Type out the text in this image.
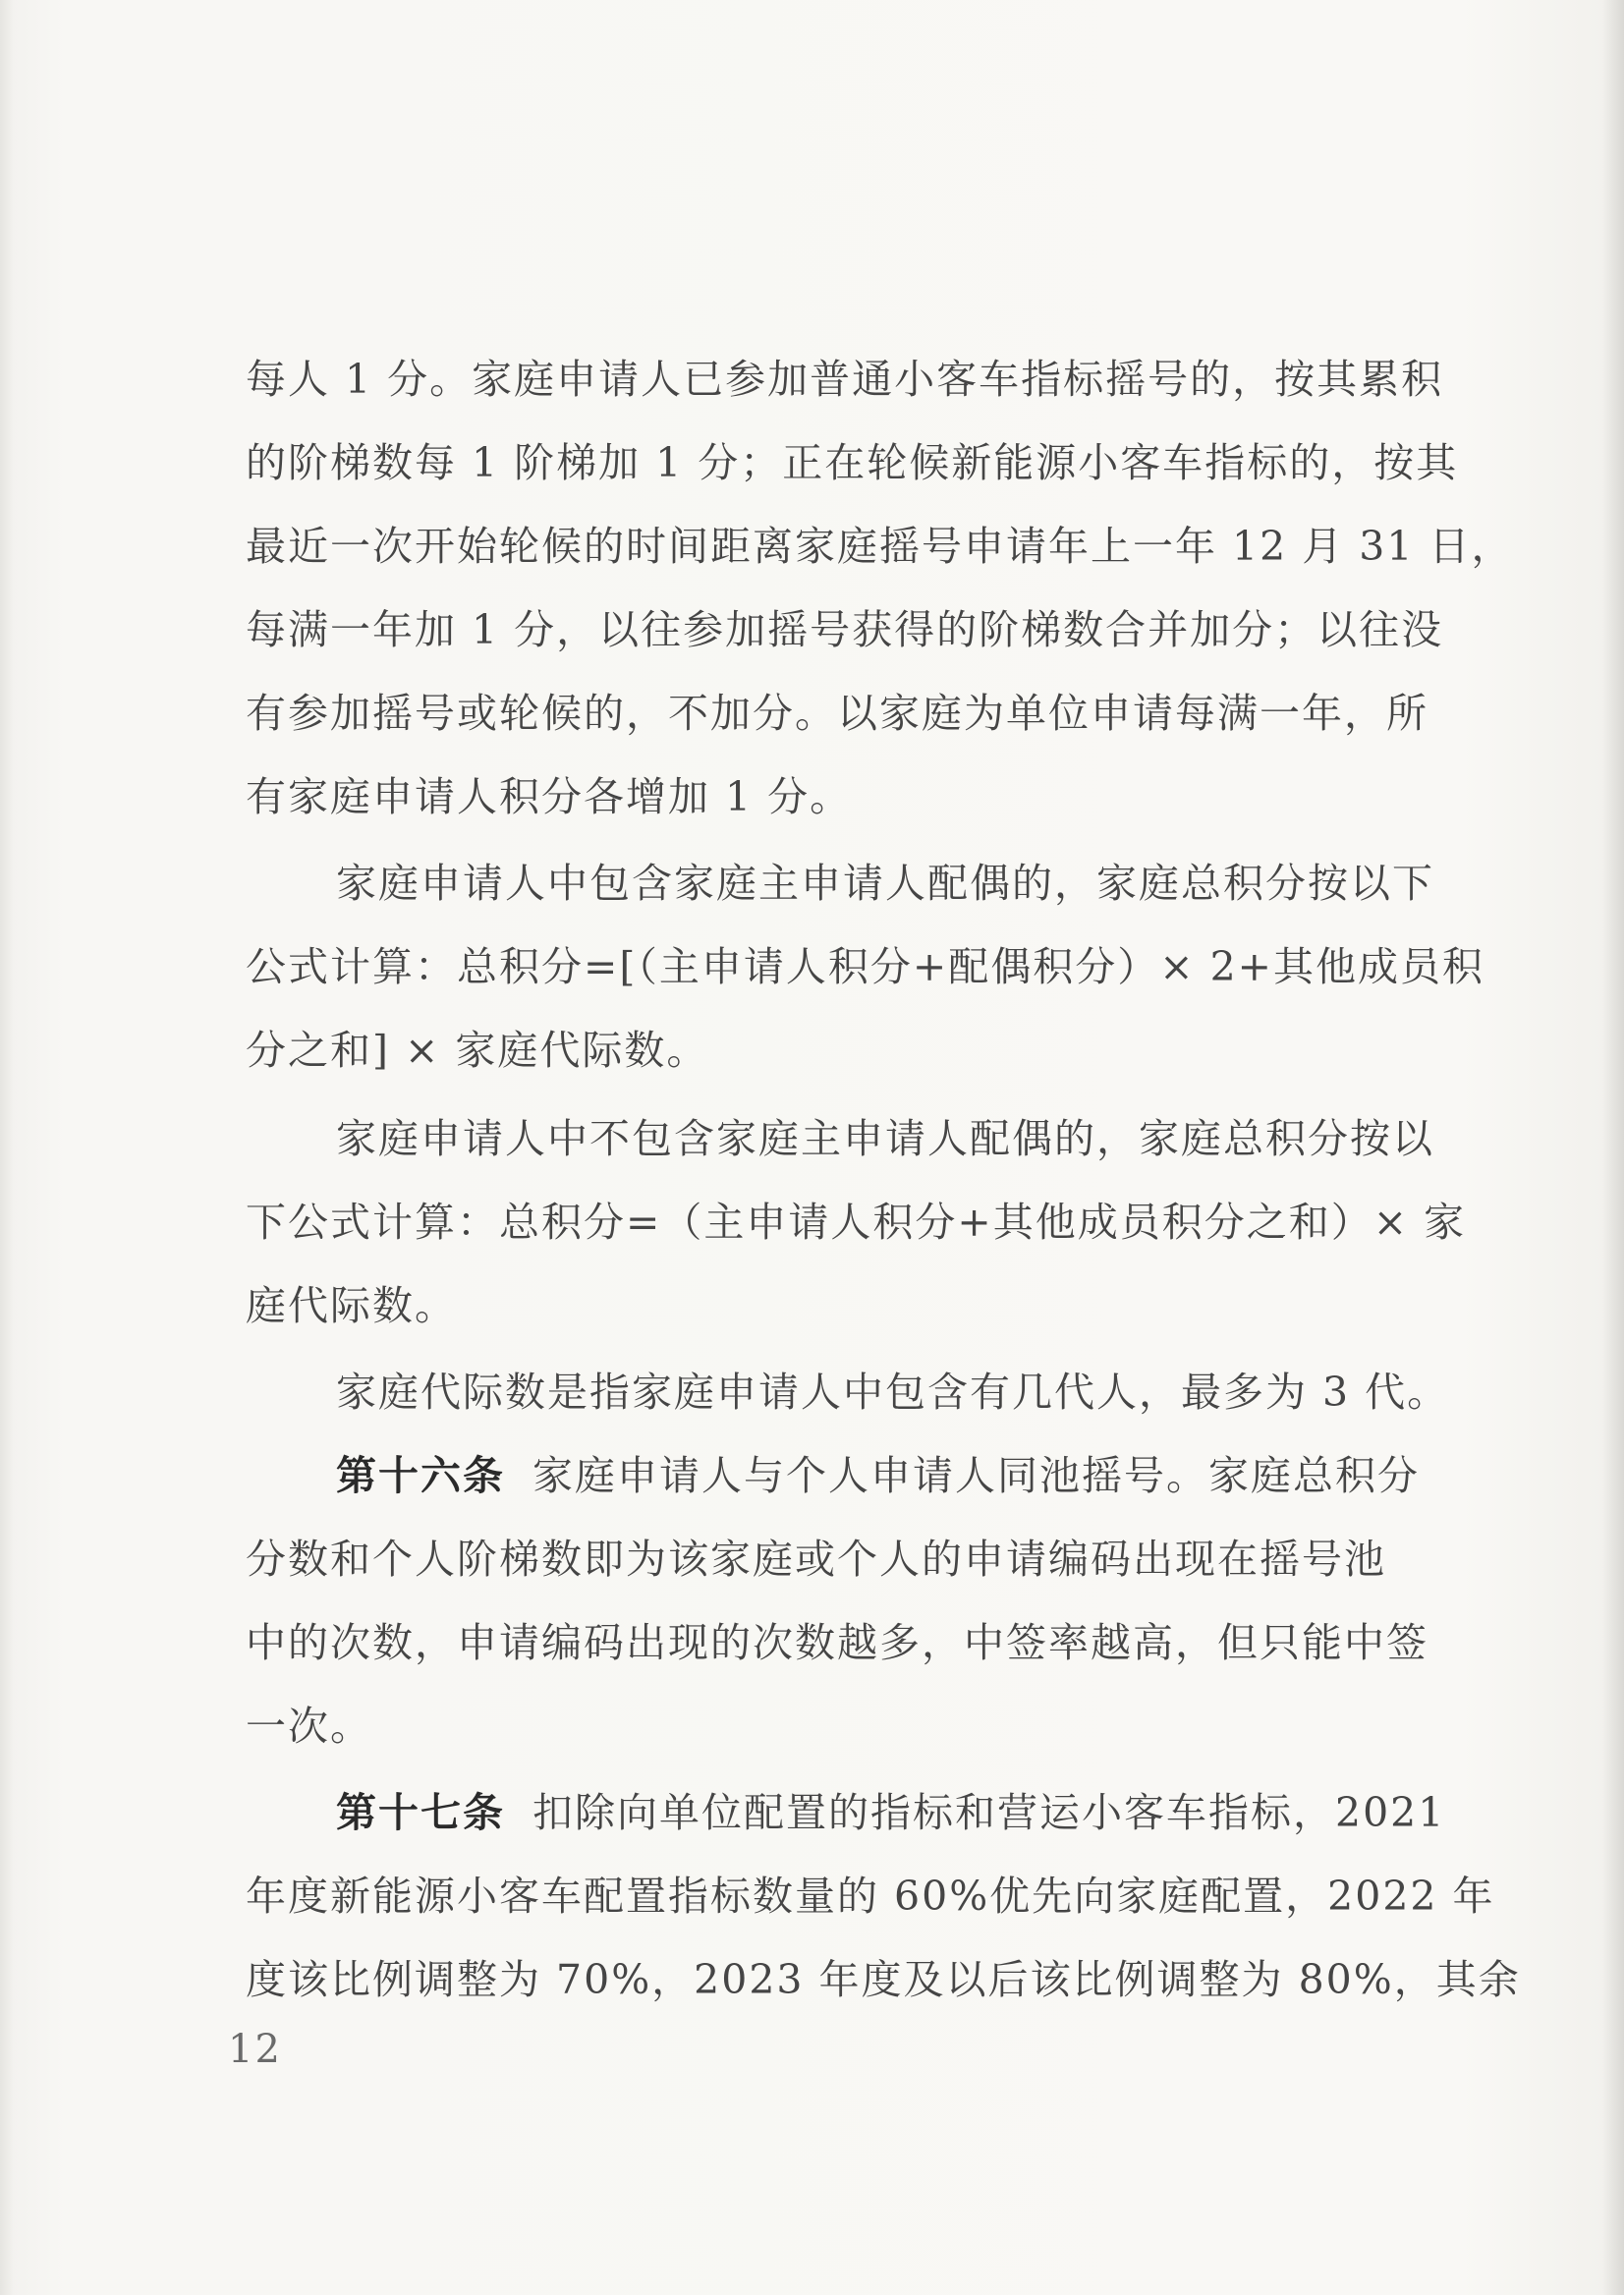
每人 1 分。家庭申请人已参加普通小客车指标摇号的，按其累积
的阶梯数每 1 阶梯加 1 分；正在轮候新能源小客车指标的，按其
最近一次开始轮候的时间距离家庭摇号申请年上一年 12 月 31 日，
每满一年加 1 分，以往参加摇号获得的阶梯数合并加分；以往没
有参加摇号或轮候的，不加分。以家庭为单位申请每满一年，所
有家庭申请人积分各增加 1 分。
家庭申请人中包含家庭主申请人配偶的，家庭总积分按以下
公式计算：总积分=[（主申请人积分+配偶积分）× 2+其他成员积
分之和] × 家庭代际数。
家庭申请人中不包含家庭主申请人配偶的，家庭总积分按以
下公式计算：总积分=（主申请人积分+其他成员积分之和）× 家
庭代际数。
家庭代际数是指家庭申请人中包含有几代人，最多为 3 代。
第十六条 家庭申请人与个人申请人同池摇号。家庭总积分
分数和个人阶梯数即为该家庭或个人的申请编码出现在摇号池
中的次数，申请编码出现的次数越多，中签率越高，但只能中签
一次。
第十七条 扣除向单位配置的指标和营运小客车指标，2021
年度新能源小客车配置指标数量的 60%优先向家庭配置，2022 年
度该比例调整为 70%，2023 年度及以后该比例调整为 80%，其余
12
